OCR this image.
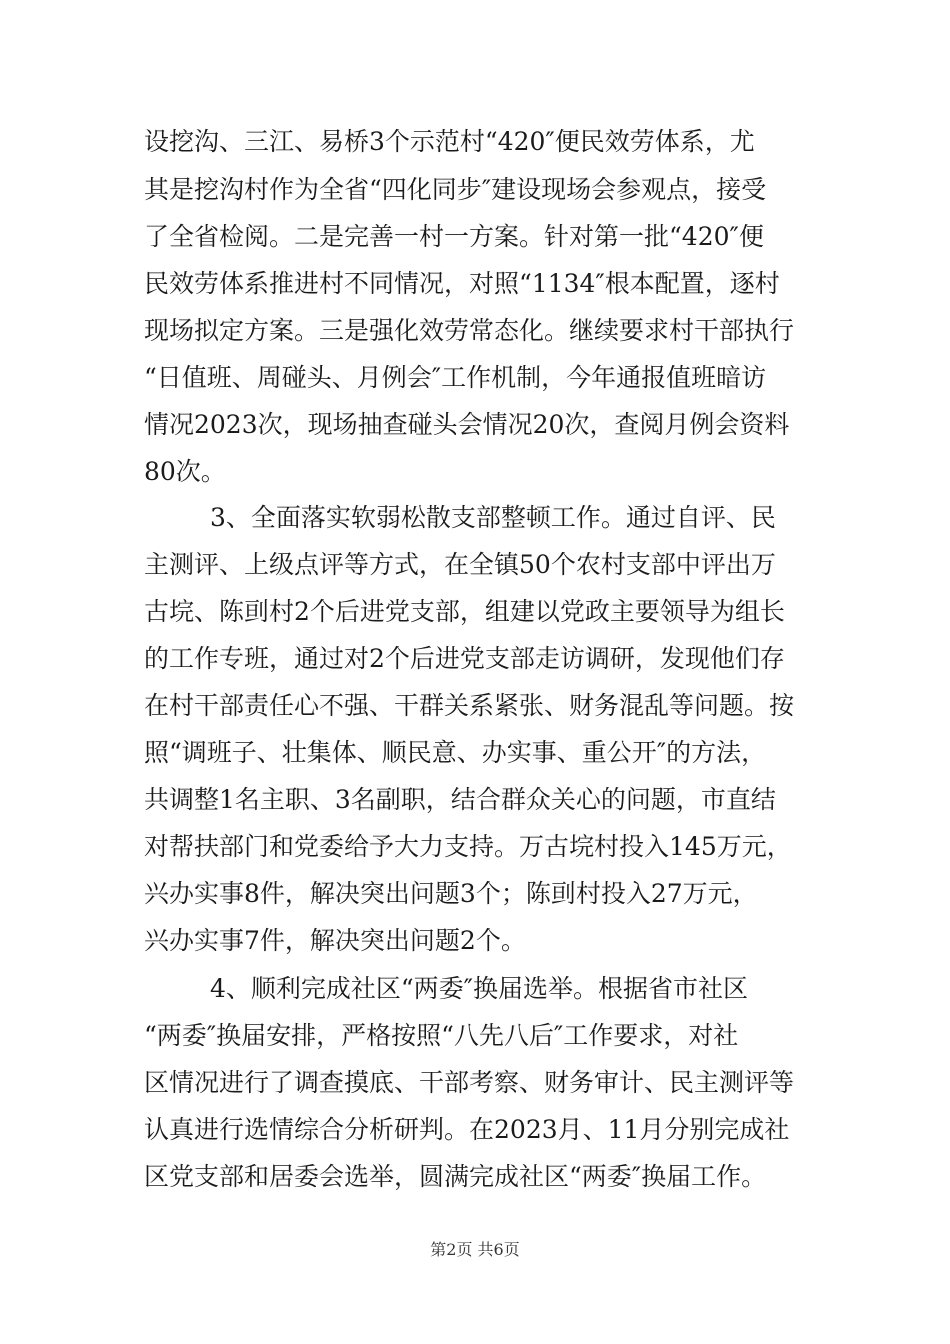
设挖沟、三江、易桥3个示范村“420″便民效劳体系，尤
其是挖沟村作为全省“四化同步″建设现场会参观点，接受
了全省检阅。二是完善一村一方案。针对第一批“420″便
民效劳体系推进村不同情况，对照“1134″根本配置，逐村
现场拟定方案。三是强化效劳常态化。继续要求村干部执行
“日值班、周碰头、月例会″工作机制，今年通报值班暗访
情况2023次，现场抽查碰头会情况20次，查阅月例会资料
80次。
3、全面落实软弱松散支部整顿工作。通过自评、民
主测评、上级点评等方式，在全镇50个农村支部中评出万
古垸、陈刯村2个后进党支部，组建以党政主要领导为组长
的工作专班，通过对2个后进党支部走访调研，发现他们存
在村干部责任心不强、干群关系紧张、财务混乱等问题。按
照“调班子、壮集体、顺民意、办实事、重公开″的方法，
共调整1名主职、3名副职，结合群众关心的问题，市直结
对帮扶部门和党委给予大力支持。万古垸村投入145万元，
兴办实事8件，解决突出问题3个；陈刯村投入27万元，
兴办实事7件，解决突出问题2个。
4、顺利完成社区“两委″换届选举。根据省市社区
“两委″换届安排，严格按照“八先八后″工作要求，对社
区情况进行了调查摸底、干部考察、财务审计、民主测评等
认真进行选情综合分析研判。在2023月、11月分别完成社
区党支部和居委会选举，圆满完成社区“两委″换届工作。
第2页 共6页
